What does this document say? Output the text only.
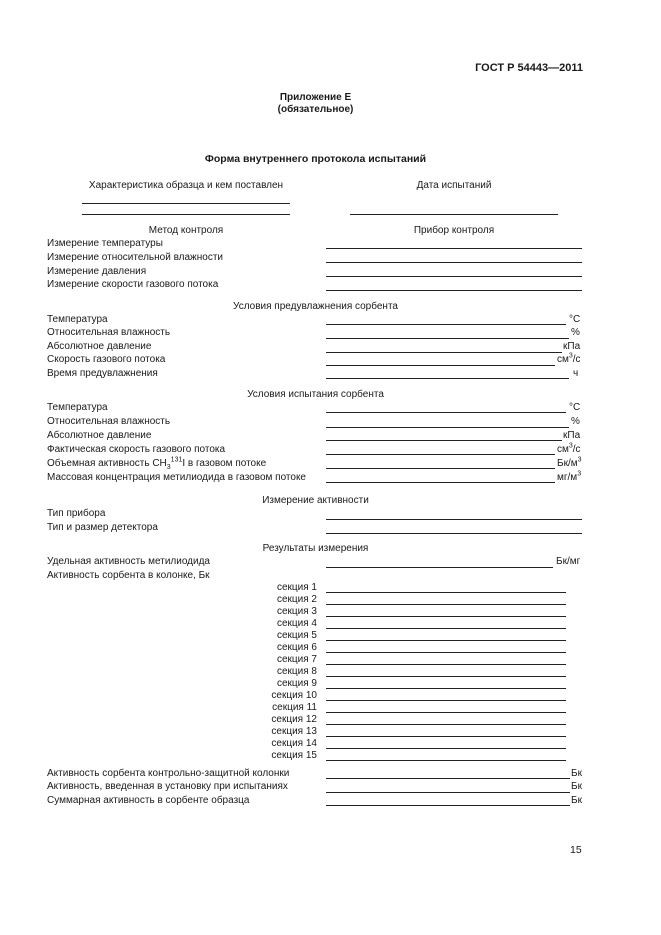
ГОСТ Р 54443—2011
Приложение Е
(обязательное)
Форма внутреннего протокола испытаний
Характеристика образца и кем поставлен	Дата испытаний
Метод контроля	Прибор контроля
Измерение температуры
Измерение относительной влажности
Измерение давления
Измерение скорости газового потока
Условия предувлажнения сорбента
Температура	°С
Относительная влажность	%
Абсолютное давление	кПа
Скорость газового потока	$см^3/с$
Время предувлажнения	ч
Условия испытания сорбента
Температура	°С
Относительная влажность	%
Абсолютное давление	кПа
Фактическая скорость газового потока	$см^3/с$
Объемная активность $CH_3^{131}I$ в газовом потоке	$Бк/м^3$
Массовая концентрация метилиодида в газовом потоке	$мг/м^3$
Измерение активности
Тип прибора
Тип и размер детектора
Результаты измерения
Удельная активность метилиодида	Бк/мг
Активность сорбента в колонке, Бк
секция 1
секция 2
секция 3
секция 4
секция 5
секция 6
секция 7
секция 8
секция 9
секция 10
секция 11
секция 12
секция 13
секция 14
секция 15
Активность сорбента контрольно-защитной колонки	Бк
Активность, введенная в установку при испытаниях	Бк
Суммарная активность в сорбенте образца	Бк
15
